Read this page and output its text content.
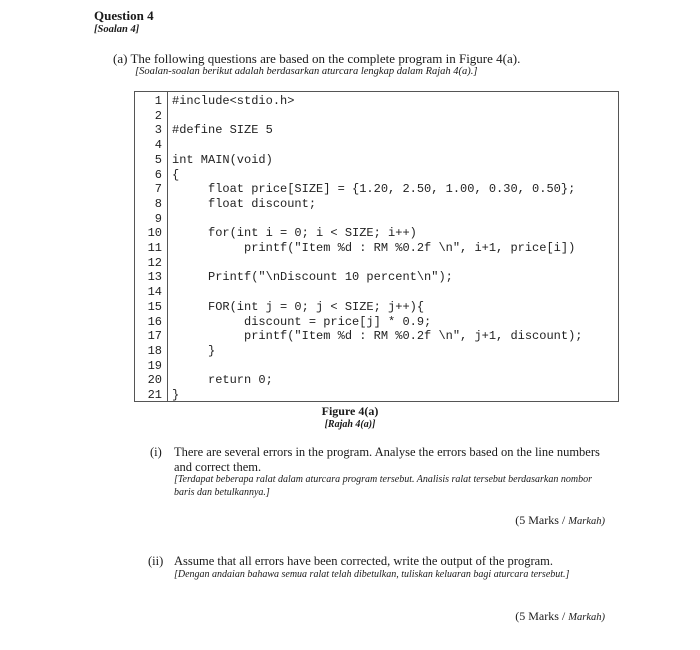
Question 4
[Soalan 4]
(a) The following questions are based on the complete program in Figure 4(a).
[Soalan-soalan berikut adalah berdasarkan aturcara lengkap dalam Rajah 4(a).]
1
2
3
4
5
6
7
8
9
10
11
12
13
14
15
16
17
18
19
20
21
#include<stdio.h>
#define SIZE 5
int MAIN(void)
{
float price[SIZE] = {1.20, 2.50, 1.00, 0.30, 0.50};
float discount;
for(int i = 0; i < SIZE; i++)
printf("Item %d : RM %0.2f \n", i+1, price[i])
Printf("\nDiscount 10 percent\n");
FOR(int j = 0; j < SIZE; j++){
discount = price[j] * 0.9;
printf("Item %d : RM %0.2f \n", j+1, discount);
}
return 0;
}
Figure 4(a)
[Rajah 4(a)]
(i) There are several errors in the program. Analyse the errors based on the line numbers and correct them.
[Terdapat beberapa ralat dalam aturcara program tersebut. Analisis ralat tersebut berdasarkan nombor baris dan betulkannya.]
(5 Marks / Markah)
(ii) Assume that all errors have been corrected, write the output of the program.
[Dengan andaian bahawa semua ralat telah dibetulkan, tuliskan keluaran bagi aturcara tersebut.]
(5 Marks / Markah)
